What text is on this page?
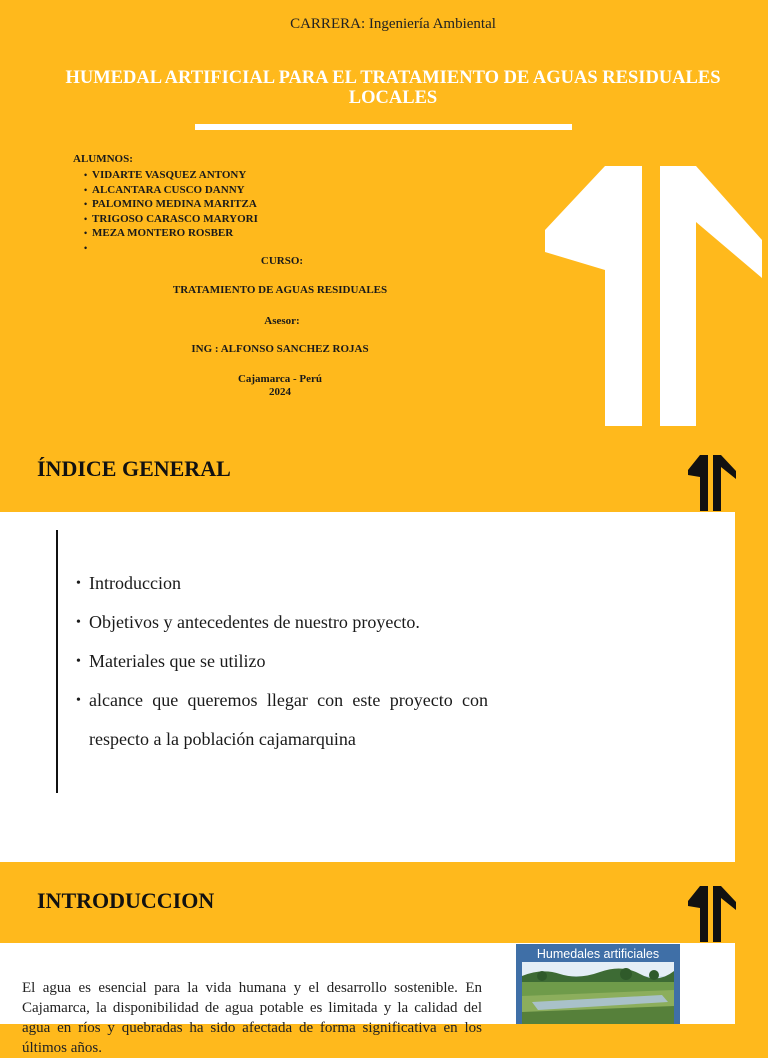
CARRERA: Ingeniería Ambiental
HUMEDAL ARTIFICIAL PARA EL TRATAMIENTO DE AGUAS RESIDUALES LOCALES
ALUMNOS:
• VIDARTE VASQUEZ ANTONY
• ALCANTARA CUSCO DANNY
• PALOMINO MEDINA MARITZA
• TRIGOSO CARASCO MARYORI
• MEZA MONTERO ROSBER
•
CURSO:
TRATAMIENTO DE AGUAS RESIDUALES
Asesor:
ING : ALFONSO SANCHEZ ROJAS
Cajamarca - Perú
2024
ÍNDICE GENERAL
• Introduccion
• Objetivos y antecedentes de nuestro proyecto.
• Materiales que se utilizo
• alcance que queremos llegar con este proyecto con respecto a la población cajamarquina
INTRODUCCION
El agua es esencial para la vida humana y el desarrollo sostenible. En Cajamarca, la disponibilidad de agua potable es limitada y la calidad del agua en ríos y quebradas ha sido afectada de forma significativa en los últimos años.
Humedales artificiales
